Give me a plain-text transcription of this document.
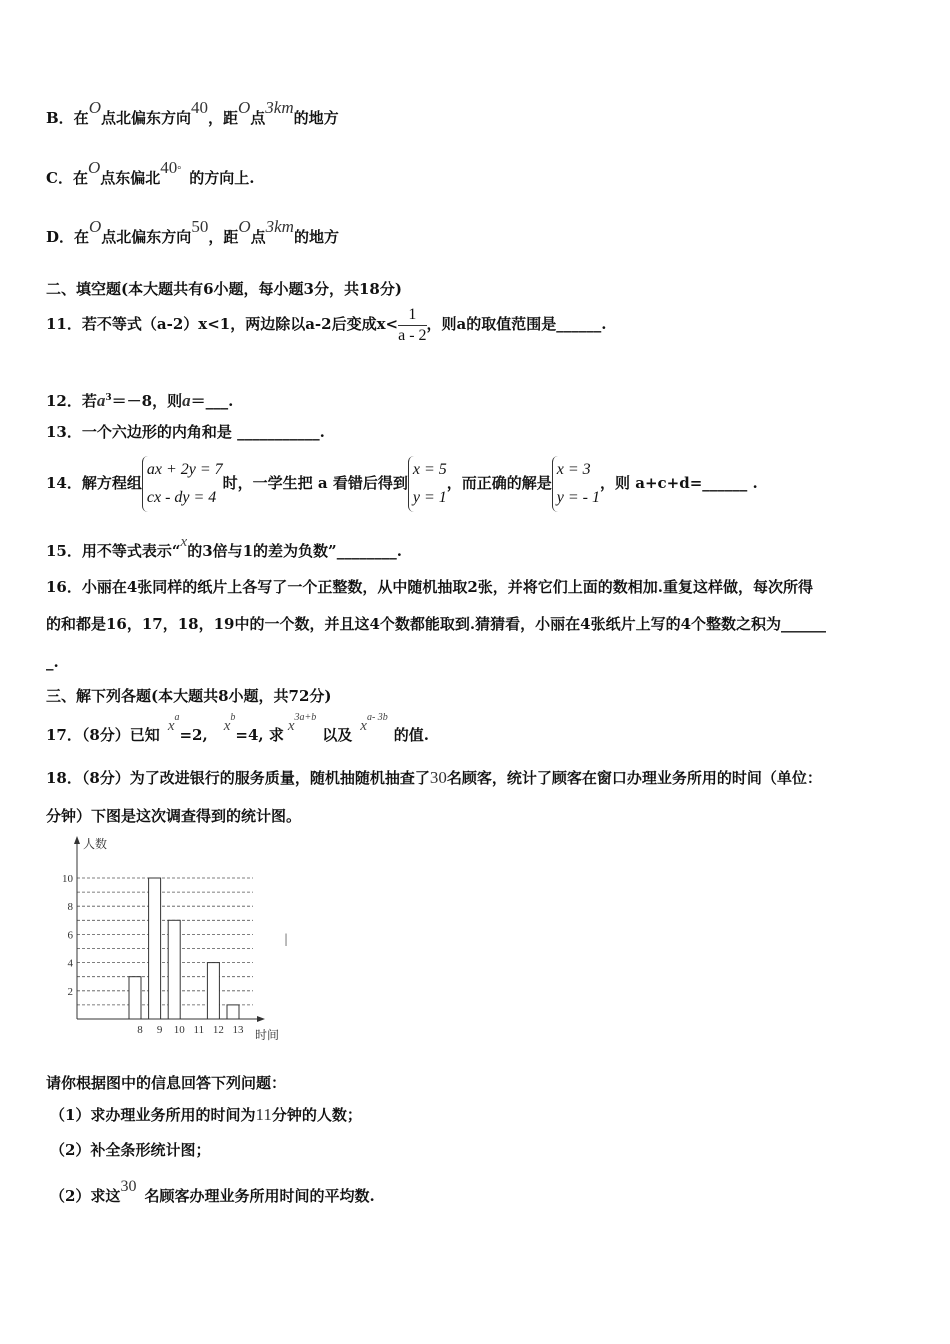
B．在O点北偏东方向40，距O点3km的地方
C．在O点东偏北40° 的方向上.
D．在O点北偏东方向50，距O点3km的地方
二、填空题(本大题共有6小题，每小题3分，共18分)
11．若不等式（a-2）x<1，两边除以a-2后变成$x< \frac{1}{a - 2}$ ，则a的取值范围是______.
12．若$a^3=-8$，则a＝___.
13．一个六边形的内角和是 ___________.
14．解方程组
ax + 2y = 7
cx - dy = 4
时，一学生把 a 看错后得到
x = 5
y = 1
，而正确的解是
x = 3
y = - 1
，则 a+c+d=______ .
15．用不等式表示“x的3倍与1的差为负数”________.
16．小丽在4张同样的纸片上各写了一个正整数，从中随机抽取2张，并将它们上面的数相加.重复这样做，每次所得
的和都是16，17，18，19中的一个数，并且这4个数都能取到.猜猜看，小丽在4张纸片上写的4个整数之积为______
_.
三、解下列各题(本大题共8小题，共72分)
17．（8分）已知 $x^a=2$, $x^b=4$, 求 $x^{3a+b}$以及 $x^{a- 3b}$的值.
18．（8分）为了改进银行的服务质量，随机抽随机抽查了30名顾客，统计了顾客在窗口办理业务所用的时间（单位：
分钟）下图是这次调查得到的统计图。
2
4
6
8
10
人数
时间
8 9 10 11 12 13
|
请你根据图中的信息回答下列问题：
（1）求办理业务所用的时间为11分钟的人数；
（2）补全条形统计图；
（2）求这30名顾客办理业务所用时间的平均数.
